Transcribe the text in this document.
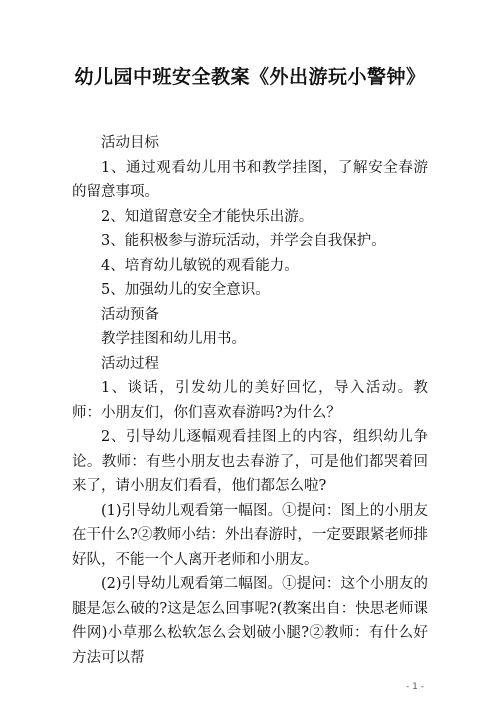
幼儿园中班安全教案《外出游玩小警钟》

活动目标

1、通过观看幼儿用书和教学挂图，了解安全春游的留意事项。

2、知道留意安全才能快乐出游。

3、能积极参与游玩活动，并学会自我保护。

4、培育幼儿敏锐的观看能力。

5、加强幼儿的安全意识。

活动预备

教学挂图和幼儿用书。

活动过程

1、谈话，引发幼儿的美好回忆，导入活动。教师：小朋友们，你们喜欢春游吗?为什么？

2、引导幼儿逐幅观看挂图上的内容，组织幼儿争论。教师：有些小朋友也去春游了，可是他们都哭着回来了，请小朋友们看看，他们都怎么啦?

(1)引导幼儿观看第一幅图。①提问：图上的小朋友在干什么?②教师小结：外出春游时，一定要跟紧老师排好队，不能一个人离开老师和小朋友。

(2)引导幼儿观看第二幅图。①提问：这个小朋友的腿是怎么破的?这是怎么回事呢?(教案出自：快思老师课件网)小草那么松软怎么会划破小腿?②教师：有什么好方法可以帮

- 1 -
